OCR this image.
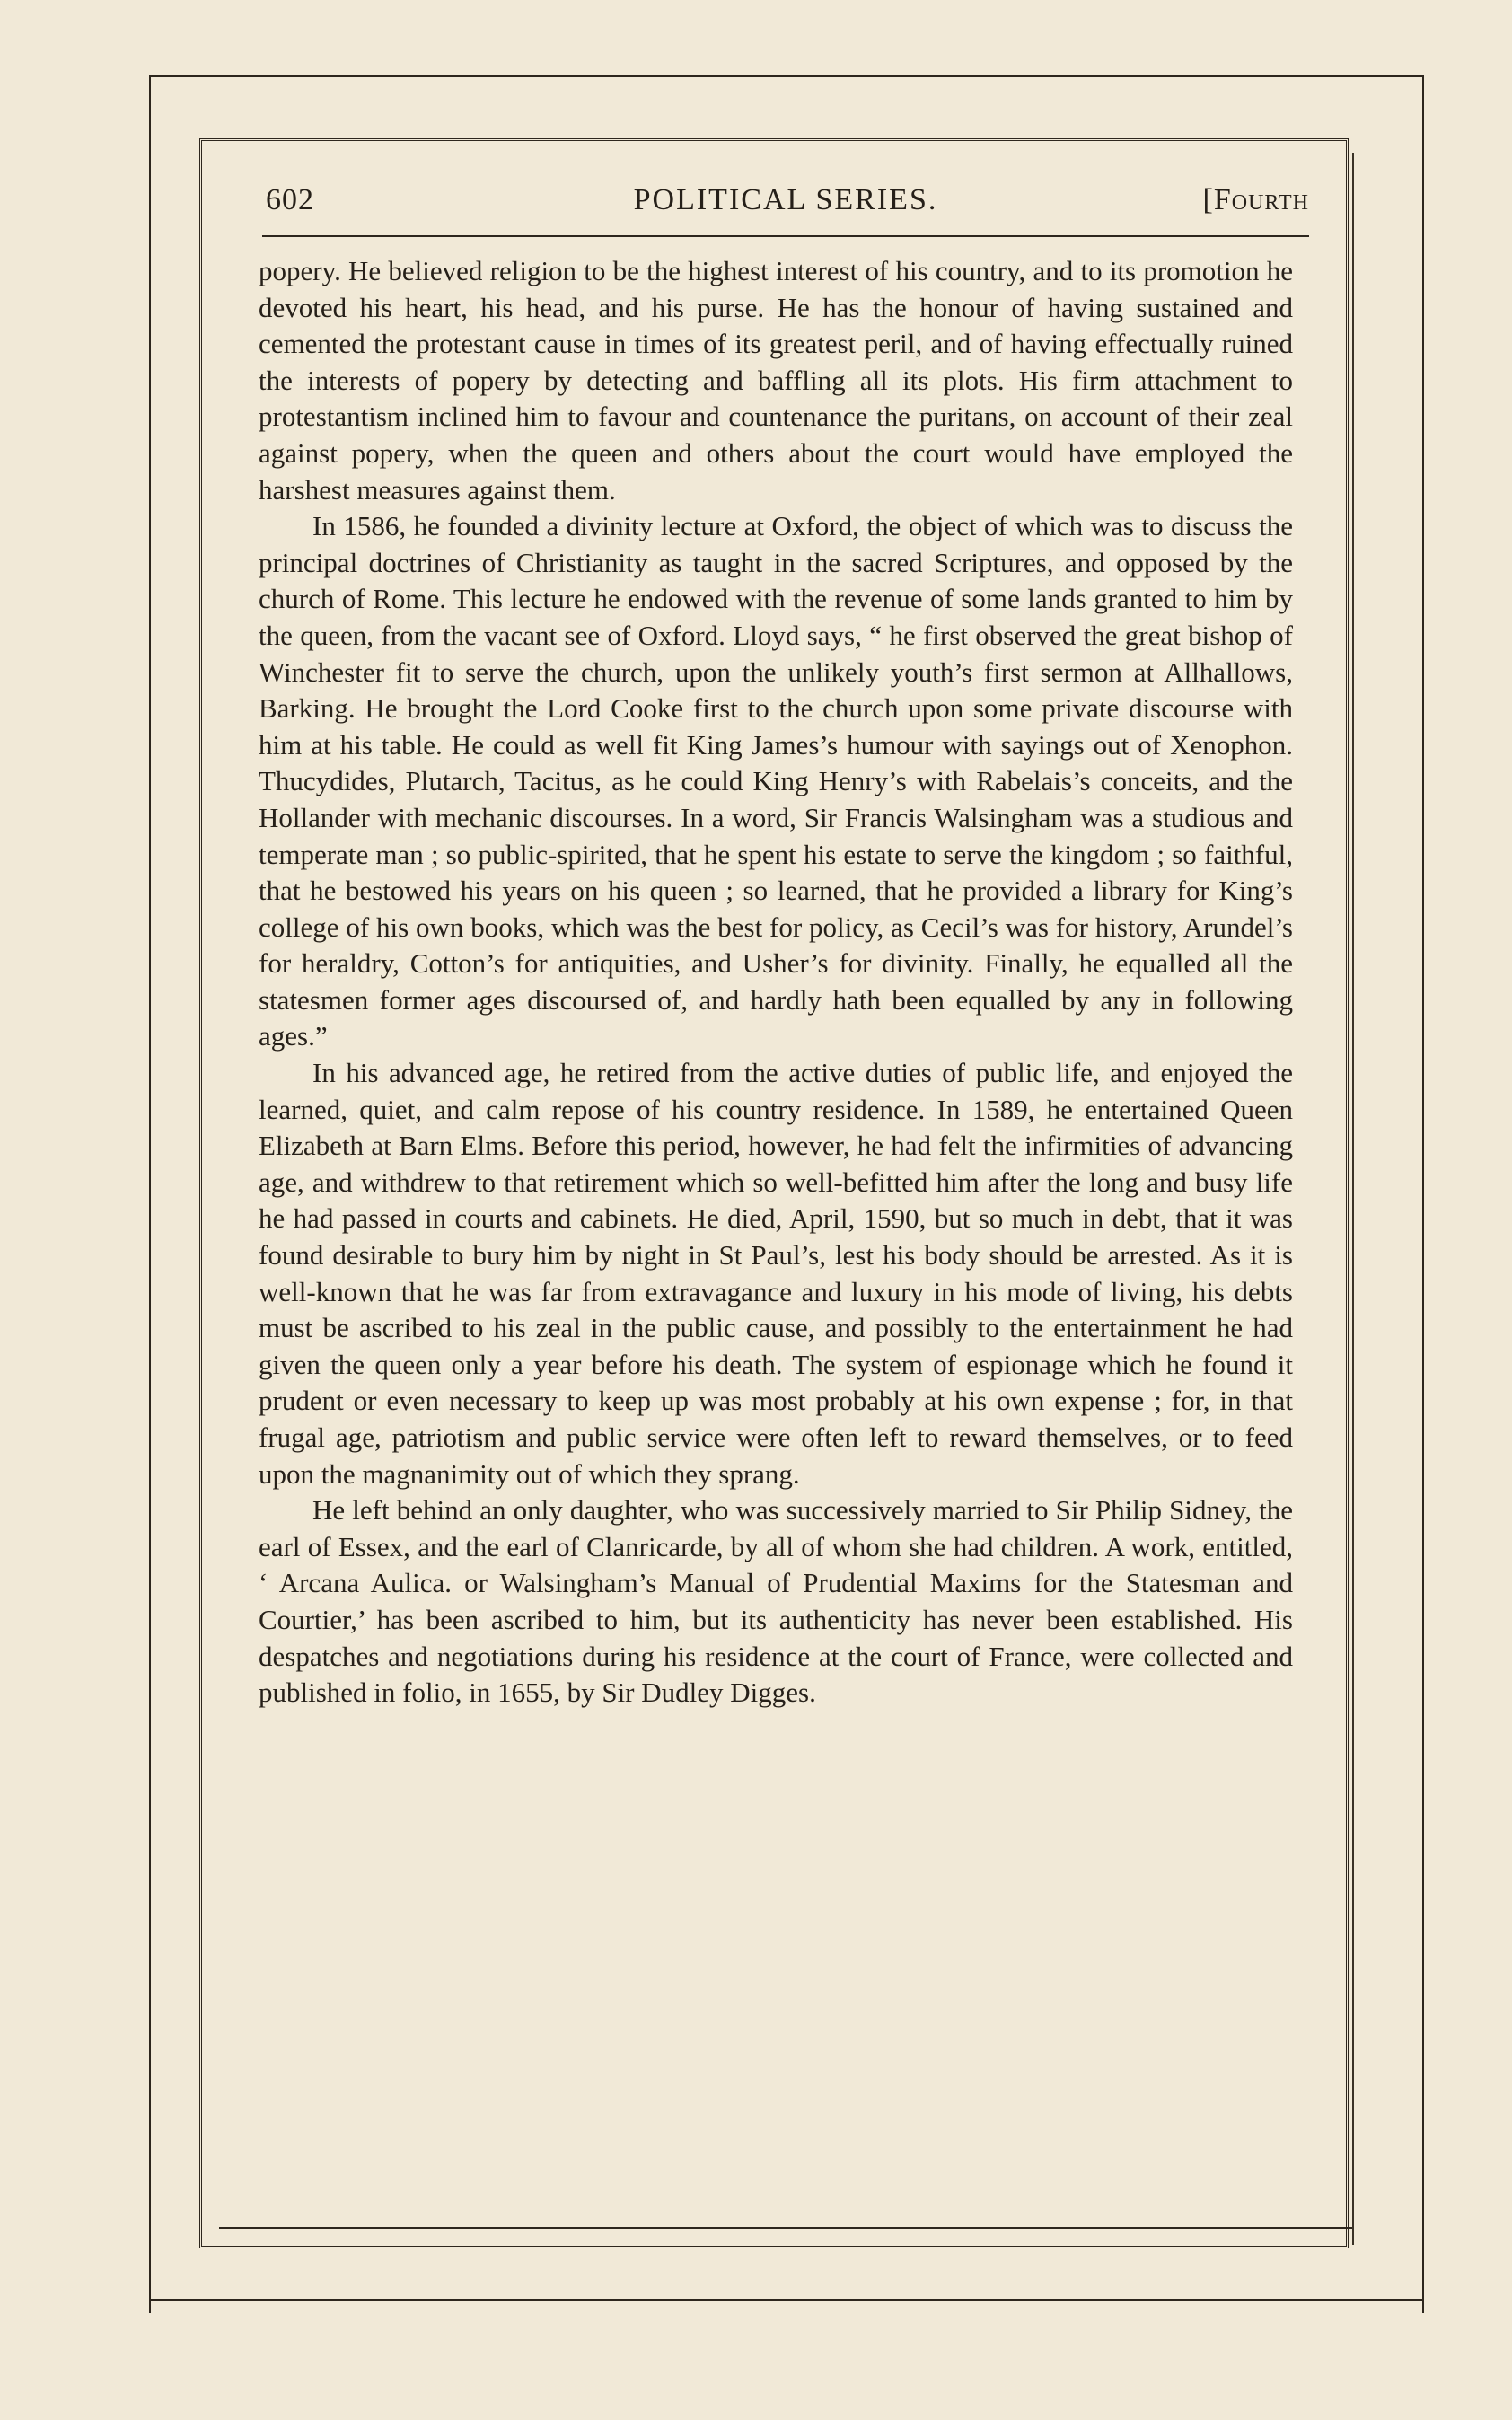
602	POLITICAL SERIES.	[Fourth

popery. He believed religion to be the highest interest of his country, and to its promotion he devoted his heart, his head, and his purse. He has the honour of having sustained and cemented the protestant cause in times of its greatest peril, and of having effectually ruined the interests of popery by detecting and baffling all its plots. His firm attachment to protestantism inclined him to favour and countenance the puritans, on account of their zeal against popery, when the queen and others about the court would have employed the harshest measures against them.

In 1586, he founded a divinity lecture at Oxford, the object of which was to discuss the principal doctrines of Christianity as taught in the sacred Scriptures, and opposed by the church of Rome. This lecture he endowed with the revenue of some lands granted to him by the queen, from the vacant see of Oxford. Lloyd says, “ he first observed the great bishop of Winchester fit to serve the church, upon the unlikely youth’s first sermon at Allhallows, Barking. He brought the Lord Cooke first to the church upon some private discourse with him at his table. He could as well fit King James’s humour with sayings out of Xenophon. Thucydides, Plutarch, Tacitus, as he could King Henry’s with Rabelais’s conceits, and the Hollander with mechanic discourses. In a word, Sir Francis Walsingham was a studious and temperate man ; so public-spirited, that he spent his estate to serve the kingdom ; so faithful, that he bestowed his years on his queen ; so learned, that he provided a library for King’s college of his own books, which was the best for policy, as Cecil’s was for history, Arundel’s for heraldry, Cotton’s for antiquities, and Usher’s for divinity. Finally, he equalled all the statesmen former ages discoursed of, and hardly hath been equalled by any in following ages.”

In his advanced age, he retired from the active duties of public life, and enjoyed the learned, quiet, and calm repose of his country residence. In 1589, he entertained Queen Elizabeth at Barn Elms. Before this period, however, he had felt the infirmities of advancing age, and withdrew to that retirement which so well-befitted him after the long and busy life he had passed in courts and cabinets. He died, April, 1590, but so much in debt, that it was found desirable to bury him by night in St Paul’s, lest his body should be arrested. As it is well-known that he was far from extravagance and luxury in his mode of living, his debts must be ascribed to his zeal in the public cause, and possibly to the entertainment he had given the queen only a year before his death. The system of espionage which he found it prudent or even necessary to keep up was most probably at his own expense ; for, in that frugal age, patriotism and public service were often left to reward themselves, or to feed upon the magnanimity out of which they sprang.

He left behind an only daughter, who was successively married to Sir Philip Sidney, the earl of Essex, and the earl of Clanricarde, by all of whom she had children. A work, entitled, ‘ Arcana Aulica. or Walsingham’s Manual of Prudential Maxims for the Statesman and Courtier,’ has been ascribed to him, but its authenticity has never been established. His despatches and negotiations during his residence at the court of France, were collected and published in folio, in 1655, by Sir Dudley Digges.
